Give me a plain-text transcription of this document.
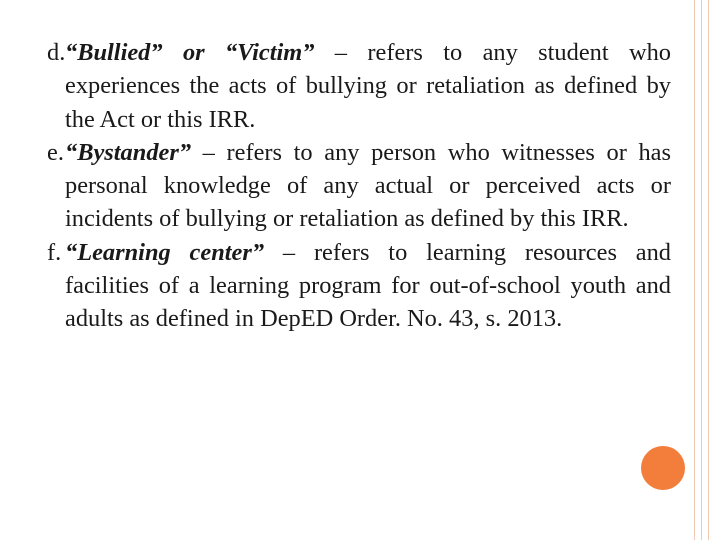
d. “Bullied” or “Victim” – refers to any student who experiences the acts of bullying or retaliation as defined by the Act or this IRR.

e. “Bystander” – refers to any person who witnesses or has personal knowledge of any actual or perceived acts or incidents of bullying or retaliation as defined by this IRR.

f. “Learning center” – refers to learning resources and facilities of a learning program for out-of-school youth and adults as defined in DepED Order. No. 43, s. 2013.
